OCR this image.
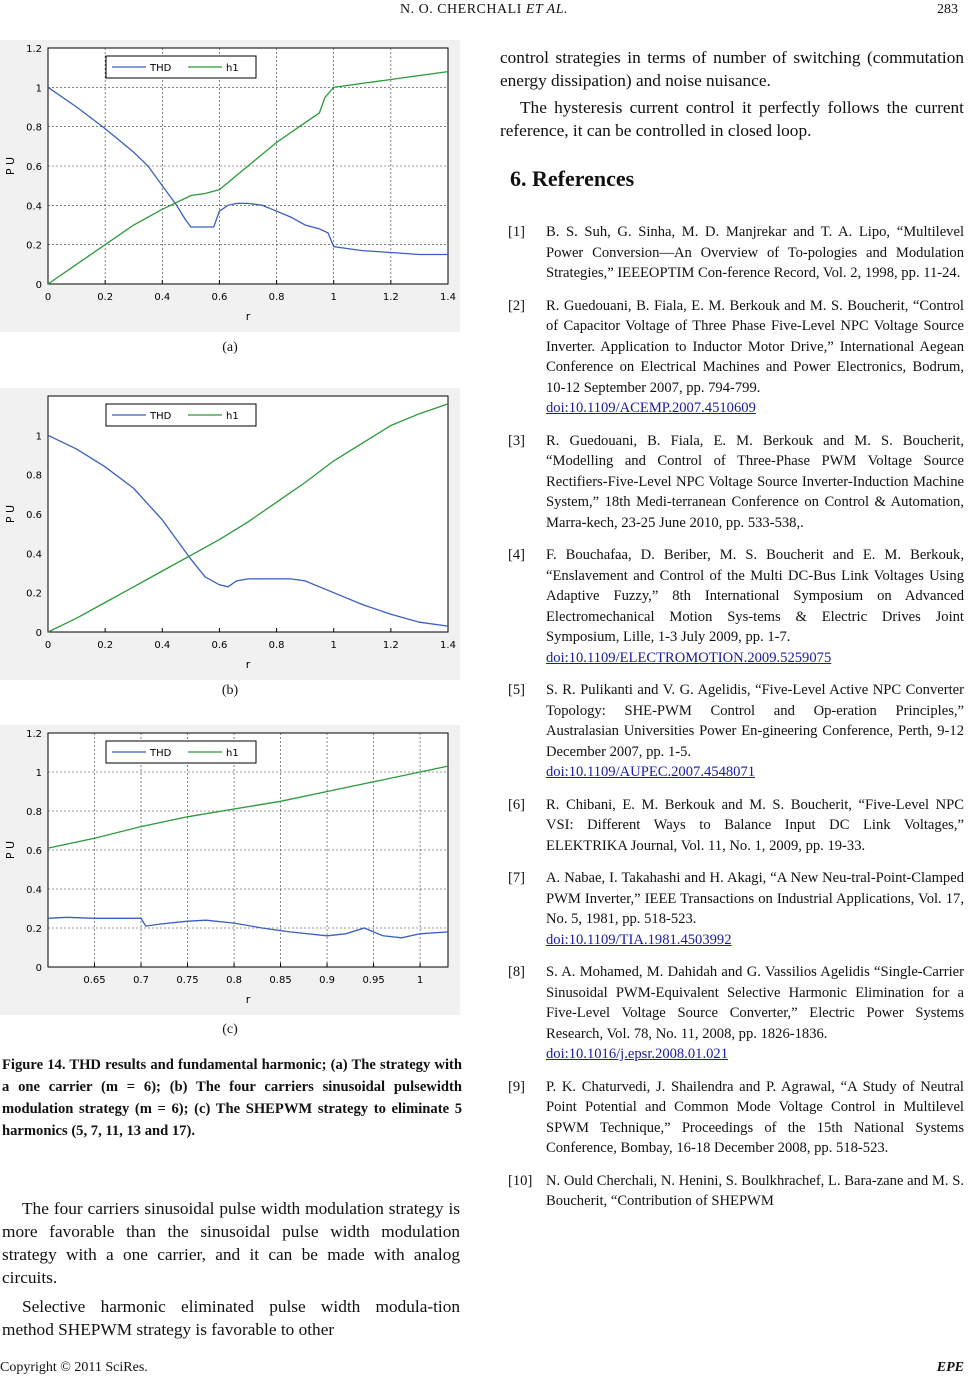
N. O. CHERCHALI ET AL.	283
0
0.2
0.4
0.6
0.8
1
1.2
0	0.2	0.4	0.6	0.8	1	1.2	1.4
r
P U
THD	h1
(a)
0
0.2
0.4
0.6
0.8
1
0	0.2	0.4	0.6	0.8	1	1.2	1.4
r
P U
THD	h1
(b)
0
0.2
0.4
0.6
0.8
1
1.2
0.65	0.7	0.75	0.8	0.85	0.9	0.95	1
r
P U
THD	h1
(c)
Figure 14. THD results and fundamental harmonic; (a) The strategy with a one carrier (m = 6); (b) The four carriers sinusoidal pulsewidth modulation strategy (m = 6); (c) The SHEPWM strategy to eliminate 5 harmonics (5, 7, 11, 13 and 17).

The four carriers sinusoidal pulse width modulation strategy is more favorable than the sinusoidal pulse width modulation strategy with a one carrier, and it can be made with analog circuits.

Selective harmonic eliminated pulse width modula-tion method SHEPWM strategy is favorable to other

control strategies in terms of number of switching (commutation energy dissipation) and noise nuisance.

The hysteresis current control it perfectly follows the current reference, it can be controlled in closed loop.

6. References
[1] B. S. Suh, G. Sinha, M. D. Manjrekar and T. A. Lipo, “Multilevel Power Conversion—An Overview of To-pologies and Modulation Strategies,” IEEEOPTIM Con-ference Record, Vol. 2, 1998, pp. 11-24.
[2] R. Guedouani, B. Fiala, E. M. Berkouk and M. S. Boucherit, “Control of Capacitor Voltage of Three Phase Five-Level NPC Voltage Source Inverter. Application to Inductor Motor Drive,” International Aegean Conference on Electrical Machines and Power Electronics, Bodrum, 10-12 September 2007, pp. 794-799.
doi:10.1109/ACEMP.2007.4510609
[3] R. Guedouani, B. Fiala, E. M. Berkouk and M. S. Boucherit, “Modelling and Control of Three-Phase PWM Voltage Source Rectifiers-Five-Level NPC Voltage Source Inverter-Induction Machine System,” 18th Medi-terranean Conference on Control & Automation, Marra-kech, 23-25 June 2010, pp. 533-538,.
[4] F. Bouchafaa, D. Beriber, M. S. Boucherit and E. M. Berkouk, “Enslavement and Control of the Multi DC-Bus Link Voltages Using Adaptive Fuzzy,” 8th International Symposium on Advanced Electromechanical Motion Sys-tems & Electric Drives Joint Symposium, Lille, 1-3 July 2009, pp. 1-7.
doi:10.1109/ELECTROMOTION.2009.5259075
[5] S. R. Pulikanti and V. G. Agelidis, “Five-Level Active NPC Converter Topology: SHE-PWM Control and Op-eration Principles,” Australasian Universities Power En-gineering Conference, Perth, 9-12 December 2007, pp. 1-5.
doi:10.1109/AUPEC.2007.4548071
[6] R. Chibani, E. M. Berkouk and M. S. Boucherit, “Five-Level NPC VSI: Different Ways to Balance Input DC Link Voltages,” ELEKTRIKA Journal, Vol. 11, No. 1, 2009, pp. 19-33.
[7] A. Nabae, I. Takahashi and H. Akagi, “A New Neu-tral-Point-Clamped PWM Inverter,” IEEE Transactions on Industrial Applications, Vol. 17, No. 5, 1981, pp. 518-523.
doi:10.1109/TIA.1981.4503992
[8] S. A. Mohamed, M. Dahidah and G. Vassilios Agelidis “Single-Carrier Sinusoidal PWM-Equivalent Selective Harmonic Elimination for a Five-Level Voltage Source Converter,” Electric Power Systems Research, Vol. 78, No. 11, 2008, pp. 1826-1836.
doi:10.1016/j.epsr.2008.01.021
[9] P. K. Chaturvedi, J. Shailendra and P. Agrawal, “A Study of Neutral Point Potential and Common Mode Voltage Control in Multilevel SPWM Technique,” Proceedings of the 15th National Systems Conference, Bombay, 16-18 December 2008, pp. 518-523.
[10] N. Ould Cherchali, N. Henini, S. Boulkhrachef, L. Bara-zane and M. S. Boucherit, “Contribution of SHEPWM
Copyright © 2011 SciRes.	EPE
